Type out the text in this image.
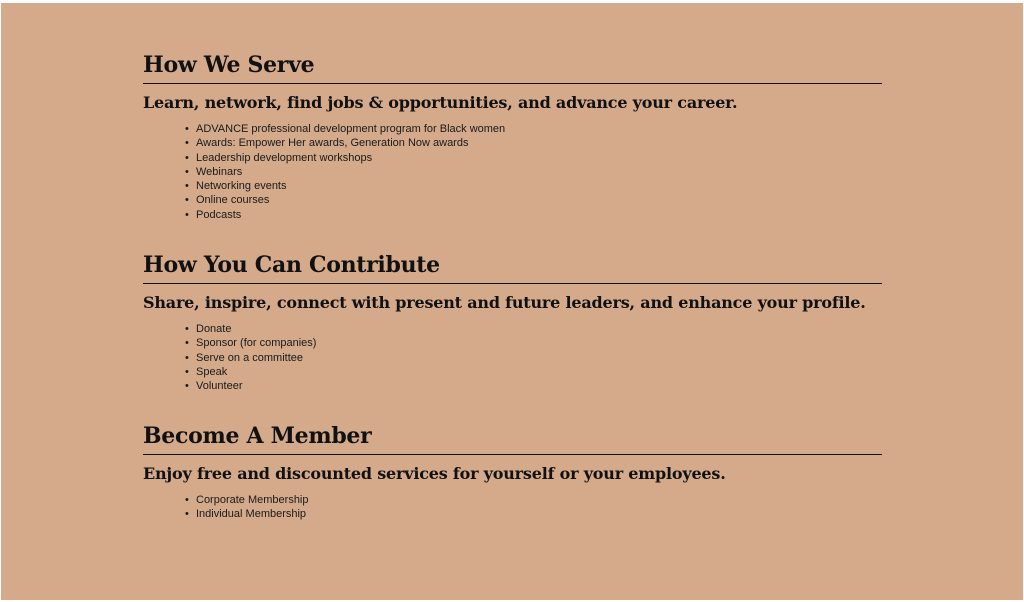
How We Serve
Learn, network, find jobs & opportunities, and advance your career.
• ADVANCE professional development program for Black women
• Awards: Empower Her awards, Generation Now awards
• Leadership development workshops
• Webinars
• Networking events
• Online courses
• Podcasts
How You Can Contribute
Share, inspire, connect with present and future leaders, and enhance your profile.
• Donate
• Sponsor (for companies)
• Serve on a committee
• Speak
• Volunteer
Become A Member
Enjoy free and discounted services for yourself or your employees.
• Corporate Membership
• Individual Membership
